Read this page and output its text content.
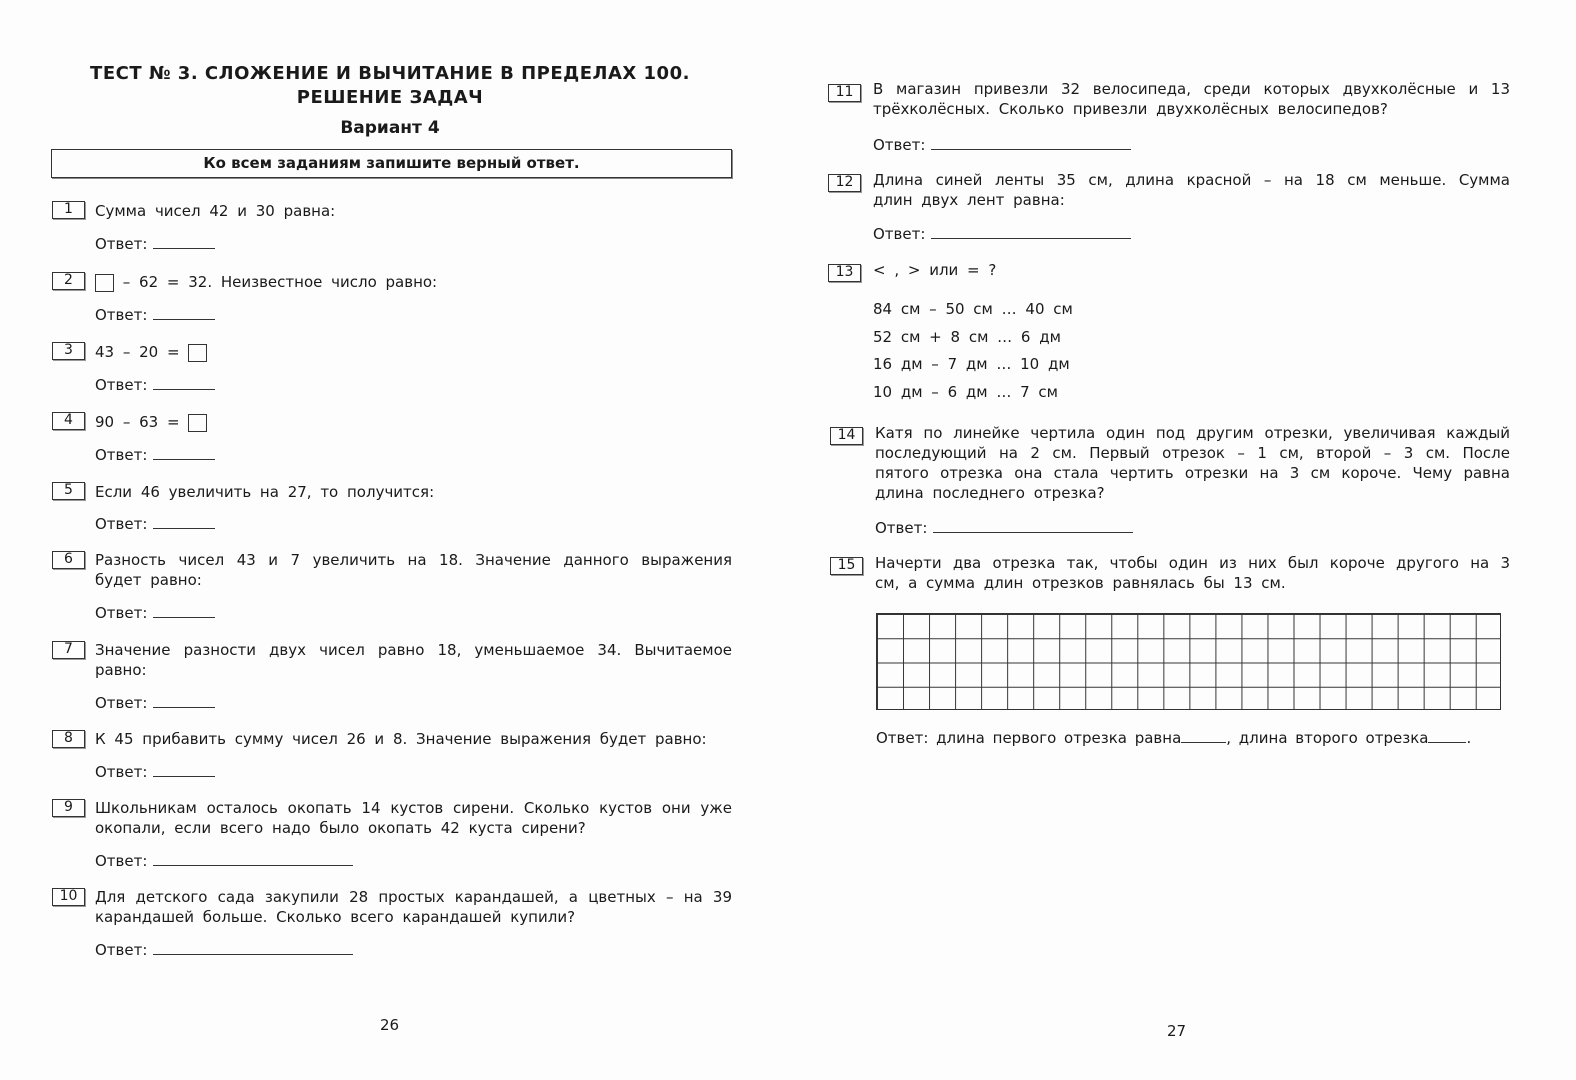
ТЕСТ № 3. СЛОЖЕНИЕ И ВЫЧИТАНИЕ В ПРЕДЕЛАХ 100.
РЕШЕНИЕ ЗАДАЧ
Вариант 4
Ко всем заданиям запишите верный ответ.
1	Сумма чисел 42 и 30 равна:
Ответ:
2	– 62 = 32. Неизвестное число равно:
Ответ:
3	43 – 20 =
Ответ:
4	90 – 63 =
Ответ:
5	Если 46 увеличить на 27, то получится:
Ответ:
6	Разность чисел 43 и 7 увеличить на 18. Значение данного выражения будет равно:
Ответ:
7	Значение разности двух чисел равно 18, уменьшаемое 34. Вычитаемое равно:
Ответ:
8	К 45 прибавить сумму чисел 26 и 8. Значение выражения будет равно:
Ответ:
9	Школьникам осталось окопать 14 кустов сирени. Сколько кустов они уже окопали, если всего надо было окопать 42 куста сирени?
Ответ:
10	Для детского сада закупили 28 простых карандашей, а цветных – на 39 карандашей больше. Сколько всего карандашей купили?
Ответ:
26
11	В магазин привезли 32 велосипеда, среди которых двухколёсные и 13 трёхколёсных. Сколько привезли двухколёсных велосипедов?
Ответ:
12	Длина синей ленты 35 см, длина красной – на 18 см меньше. Сумма длин двух лент равна:
Ответ:
13	< , > или = ?
84 см – 50 см … 40 см
52 см + 8 см … 6 дм
16 дм – 7 дм … 10 дм
10 дм – 6 дм … 7 см
14	Катя по линейке чертила один под другим отрезки, увеличивая каждый последующий на 2 см. Первый отрезок – 1 см, второй – 3 см. После пятого отрезка она стала чертить отрезки на 3 см короче. Чему равна длина последнего отрезка?
Ответ:
15	Начерти два отрезка так, чтобы один из них был короче другого на 3 см, а сумма длин отрезков равнялась бы 13 см.
Ответ: длина первого отрезка равна	, длина второго отрезка	.
27
